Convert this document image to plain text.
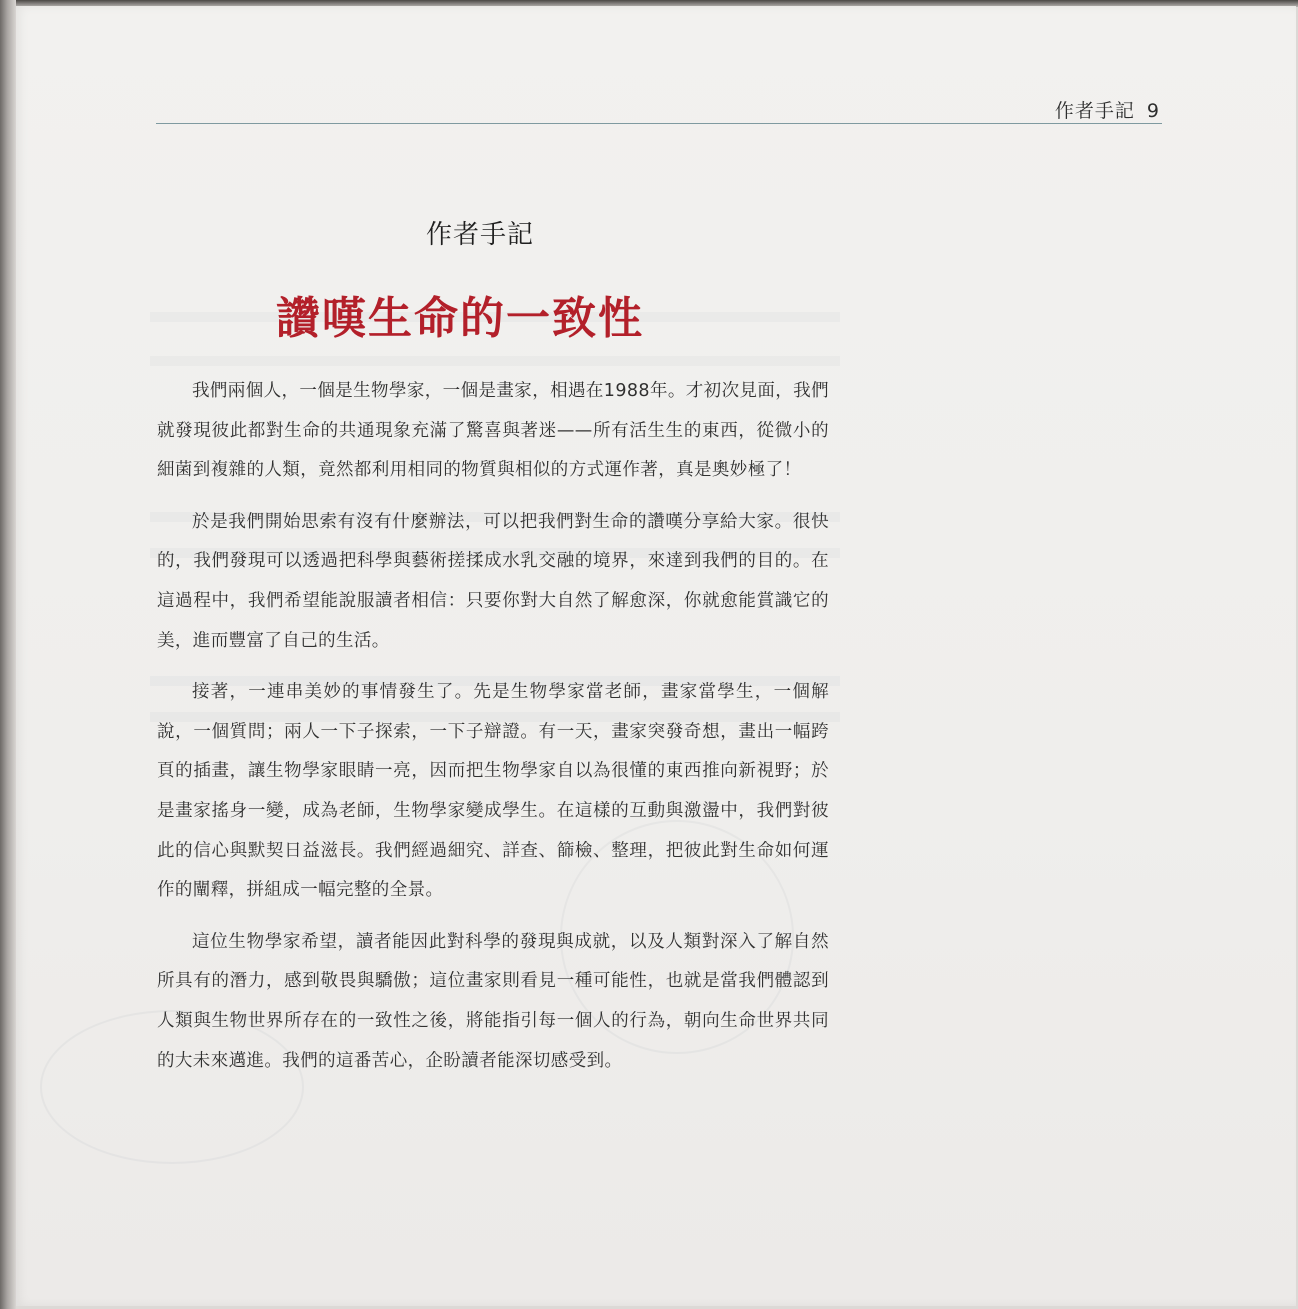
作者手記 9
作者手記
讚嘆生命的一致性

我們兩個人，一個是生物學家，一個是畫家，相遇在1988年。才初次見面，我們就發現彼此都對生命的共通現象充滿了驚喜與著迷——所有活生生的東西，從微小的細菌到複雜的人類，竟然都利用相同的物質與相似的方式運作著，真是奧妙極了！

於是我們開始思索有沒有什麼辦法，可以把我們對生命的讚嘆分享給大家。很快的，我們發現可以透過把科學與藝術搓揉成水乳交融的境界，來達到我們的目的。在這過程中，我們希望能說服讀者相信：只要你對大自然了解愈深，你就愈能賞識它的美，進而豐富了自己的生活。

接著，一連串美妙的事情發生了。先是生物學家當老師，畫家當學生，一個解說，一個質問；兩人一下子探索，一下子辯證。有一天，畫家突發奇想，畫出一幅跨頁的插畫，讓生物學家眼睛一亮，因而把生物學家自以為很懂的東西推向新視野；於是畫家搖身一變，成為老師，生物學家變成學生。在這樣的互動與激盪中，我們對彼此的信心與默契日益滋長。我們經過細究、詳查、篩檢、整理，把彼此對生命如何運作的闡釋，拼組成一幅完整的全景。

這位生物學家希望，讀者能因此對科學的發現與成就，以及人類對深入了解自然所具有的潛力，感到敬畏與驕傲；這位畫家則看見一種可能性，也就是當我們體認到人類與生物世界所存在的一致性之後，將能指引每一個人的行為，朝向生命世界共同的大未來邁進。我們的這番苦心，企盼讀者能深切感受到。
